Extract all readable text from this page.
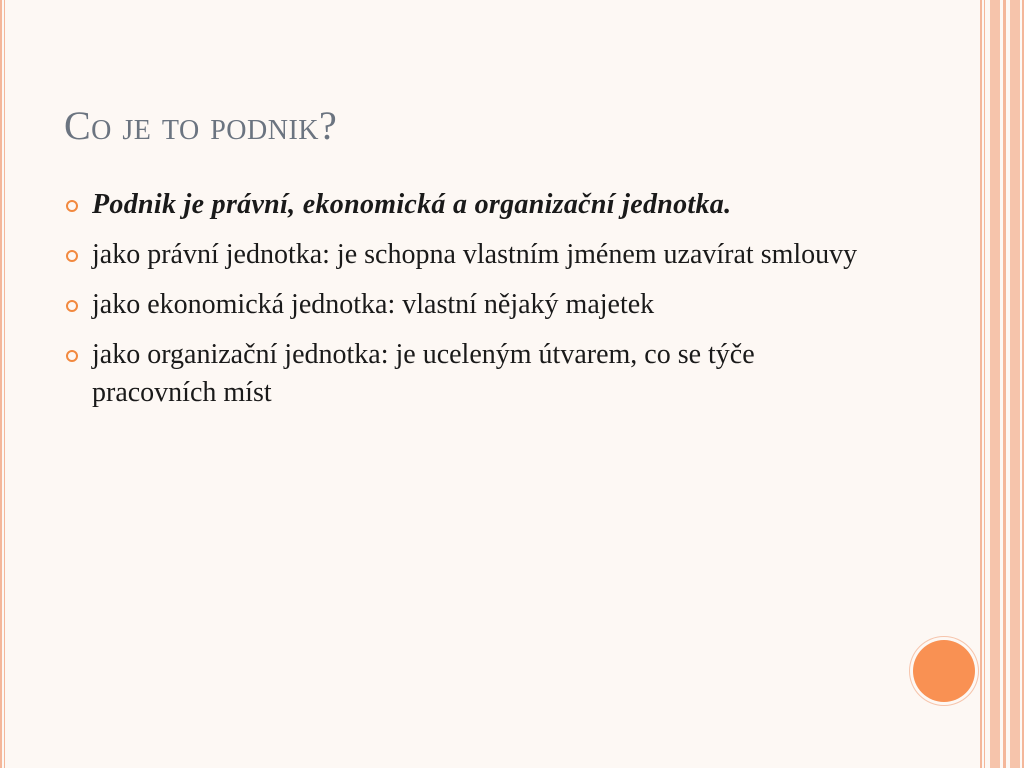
Co je to podnik?
Podnik je právní, ekonomická a organizační jednotka.
jako právní jednotka: je schopna vlastním jménem uzavírat smlouvy
jako ekonomická jednotka: vlastní nějaký majetek
jako organizační jednotka: je uceleným útvarem, co se týče pracovních míst
